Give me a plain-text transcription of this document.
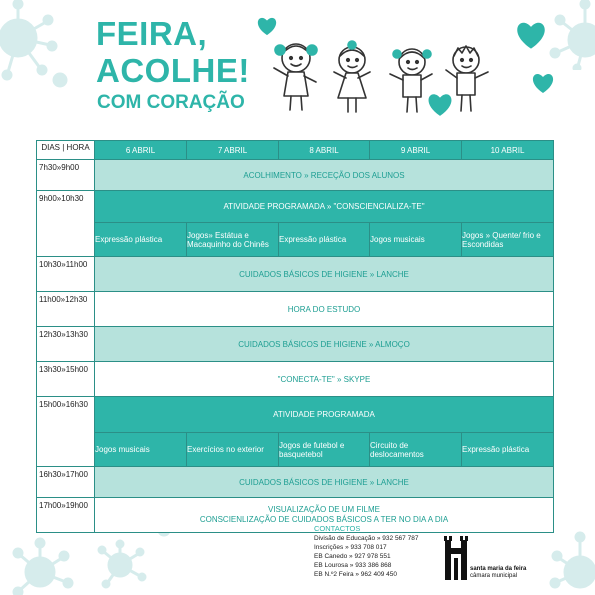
FEIRA,
ACOLHE!
COM CORAÇÃO
DIAS | HORA	6 ABRIL	7 ABRIL	8 ABRIL	9 ABRIL	10 ABRIL
7h30»9h00	ACOLHIMENTO » RECEÇÃO DOS ALUNOS				
9h00»10h30	ATIVIDADE PROGRAMADA » "CONSCIENCIALIZA-TE"				
	Expressão plástica	Jogos» Estátua e Macaquinho do Chinês	Expressão plástica	Jogos musicais	Jogos » Quente/ frio e Escondidas
10h30»11h00	CUIDADOS BÁSICOS DE HIGIENE » LANCHE				
11h00»12h30	HORA DO ESTUDO				
12h30»13h30	CUIDADOS BÁSICOS DE HIGIENE » ALMOÇO				
13h30»15h00	"CONECTA-TE" » SKYPE				
15h00»16h30	ATIVIDADE PROGRAMADA				
	Jogos musicais	Exercícios no exterior	Jogos de futebol e basquetebol	Circuito de deslocamentos	Expressão plástica
16h30»17h00	CUIDADOS BÁSICOS DE HIGIENE » LANCHE				
17h00»19h00	VISUALIZAÇÃO DE UM FILME
CONSCIENLIZAÇÃO DE CUIDADOS BÁSICOS A TER NO DIA A DIA				
CONTACTOS
Divisão de Educação » 932 567 787
Inscrições » 933 708 017
EB Canedo » 927 978 551
EB Lourosa » 933 386 868
EB N.º2 Feira » 962 409 450
santa maria da feira
câmara municipal
